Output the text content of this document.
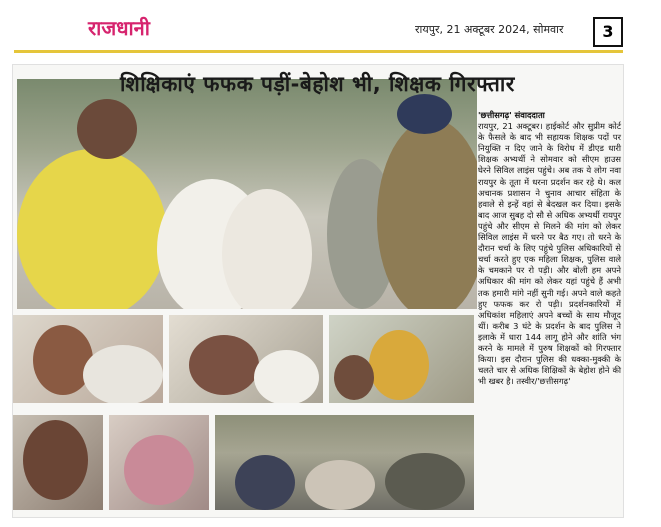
राजधानी	रायपुर, 21 अक्टूबर 2024, सोमवार	3
शिक्षिकाएं फफक पड़ीं-बेहोश भी, शिक्षक गिरफ्तार
'छत्तीसगढ़' संवाददाता

रायपुर, 21 अक्टूबर। हाईकोर्ट और सुप्रीम कोर्ट के फैसले के बाद भी सहायक शिक्षक पदों पर नियुक्ति न दिए जाने के विरोध में डीएड धारी शिक्षक अभ्यर्थी ने सोमवार को सीएम हाउस घेरने सिविल लाइंस पहुंचे। अब तक ये लोग नवा रायपुर के तूता में धरना प्रदर्शन कर रहे थे। कल अचानक प्रशासन ने चुनाव आचार संहिता के हवाले से इन्हें वहां से बेदखल कर दिया। इसके बाद आज सुबह दो सौ से अधिक अभ्यर्थी रायपुर पहुंचे और सीएम से मिलने की मांग को लेकर सिविल लाइंस में धरने पर बैठ गए। तो धरने के दौरान चर्चा के लिए पहुंचे पुलिस अधिकारियों से चर्चा करते हुए एक महिला शिक्षक, पुलिस वाले के चमकाने पर रो पड़ी। और बोली हम अपने अधिकार की मांग को लेकर यहां पहुंचे हैं अभी तक हमारी मांगे नहीं सुनी गई। अपने वाले कहते हुए फफक कर रो पड़ी। प्रदर्शनकारियों में अधिकांश महिलाएं अपने बच्चों के साथ मौजूद थीं। करीब 3 घंटे के प्रदर्शन के बाद पुलिस ने इलाके में धारा 144 लागू होने और शांति भंग करने के मामले में पुरुष शिक्षकों को गिरफ्तार किया। इस दौरान पुलिस की धक्का-मुक्की के चलते चार से अधिक शिक्षिकों के बेहोश होने की भी खबर है। तस्वीर/'छत्तीसगढ़'
